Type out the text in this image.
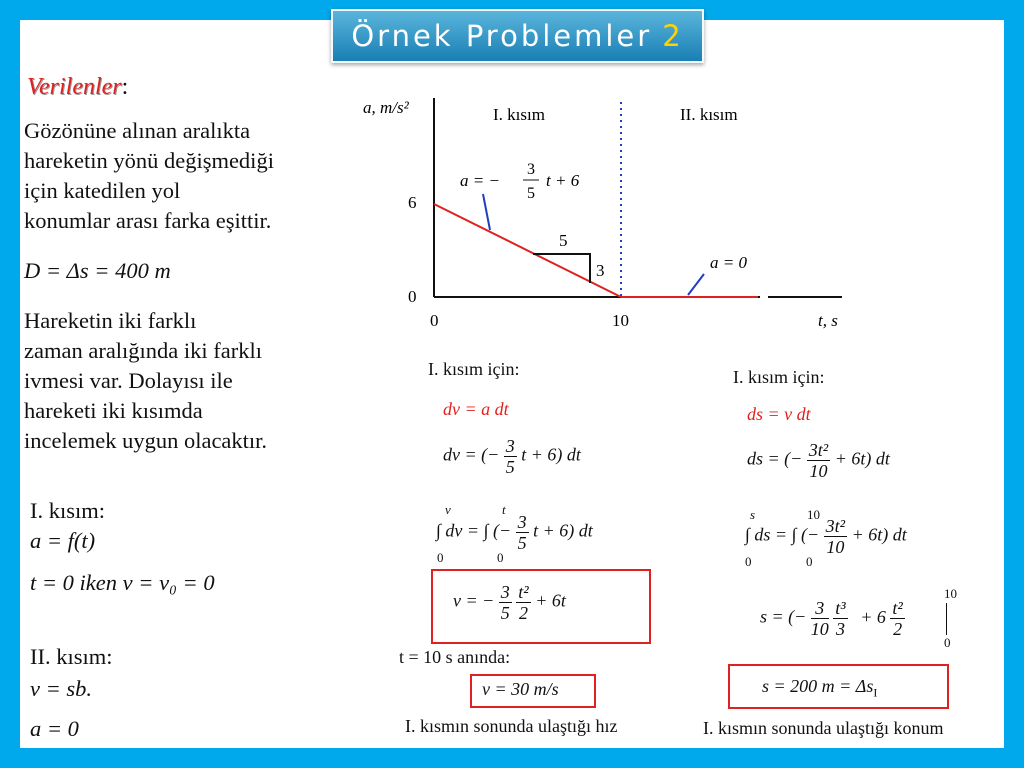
Örnek Problemler 2
Verilenler:
Gözönüne alınan aralıkta
hareketin yönü değişmediği
için katedilen yol
konumlar arası farka eşittir.
D = Δs = 400 m
Hareketin iki farklı
zaman aralığında iki farklı
ivmesi var. Dolayısı ile
hareketi iki kısımda
incelemek uygun olacaktır.
I. kısım:
a = f(t)
t = 0 iken v = v₀ = 0
II. kısım:
v = sb.
a = 0
a, m/s²	I. kısım	II. kısım
6
0
0	10	t, s
5
3
a = −
3
5
t + 6
a = 0
I. kısım için:
dv = a dt
dv = (− $\frac{3}{5}$ t + 6) dt
v	t
∫ dv = ∫ (− $\frac{3}{5}$ t + 6) dt
0	0
v = − $\frac{3}{5}$
$\frac{\text{t²}}{2} + 6t$
t = 10 s anında:
v = 30 m/s
I. kısmın sonunda ulaştığı hız
I. kısım için:
ds = v dt
ds = (− $\frac{\text{3t²}}{10} + 6t$) dt
s	10
∫ ds = ∫ (− $\frac{\text{3t²}}{10} + 6t$) dt
0	0
s = (− $\frac{3}{10}$
$\frac{\text{t³}}{3} + 6 \frac{\text{t²}}{2}$
10
0
s = 200 $m = \Delta s_I$
I. kısmın sonunda ulaştığı konum
